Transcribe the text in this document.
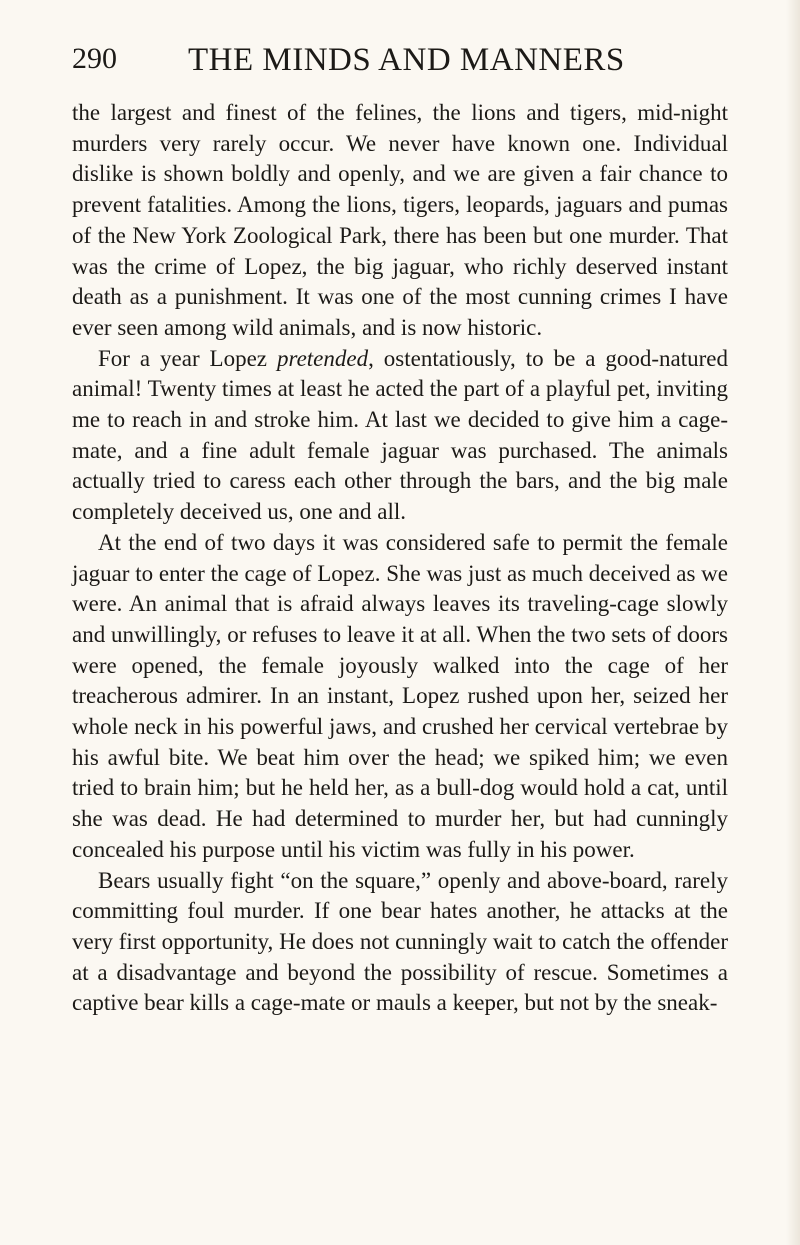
290 THE MINDS AND MANNERS

the largest and finest of the felines, the lions and tigers, mid-night murders very rarely occur. We never have known one. Individual dislike is shown boldly and openly, and we are given a fair chance to prevent fatalities. Among the lions, tigers, leopards, jaguars and pumas of the New York Zoological Park, there has been but one murder. That was the crime of Lopez, the big jaguar, who richly deserved instant death as a punishment. It was one of the most cunning crimes I have ever seen among wild animals, and is now historic.

For a year Lopez pretended, ostentatiously, to be a good-natured animal! Twenty times at least he acted the part of a playful pet, inviting me to reach in and stroke him. At last we decided to give him a cage-mate, and a fine adult female jaguar was purchased. The animals actually tried to caress each other through the bars, and the big male completely deceived us, one and all.

At the end of two days it was considered safe to permit the female jaguar to enter the cage of Lopez. She was just as much deceived as we were. An animal that is afraid always leaves its traveling-cage slowly and unwillingly, or refuses to leave it at all. When the two sets of doors were opened, the female joyously walked into the cage of her treacherous admirer. In an instant, Lopez rushed upon her, seized her whole neck in his powerful jaws, and crushed her cervical vertebrae by his awful bite. We beat him over the head; we spiked him; we even tried to brain him; but he held her, as a bull-dog would hold a cat, until she was dead. He had determined to murder her, but had cunningly concealed his purpose until his victim was fully in his power.

Bears usually fight “on the square,” openly and above-board, rarely committing foul murder. If one bear hates another, he attacks at the very first opportunity, He does not cunningly wait to catch the offender at a disadvantage and beyond the possibility of rescue. Sometimes a captive bear kills a cage-mate or mauls a keeper, but not by the sneak-
